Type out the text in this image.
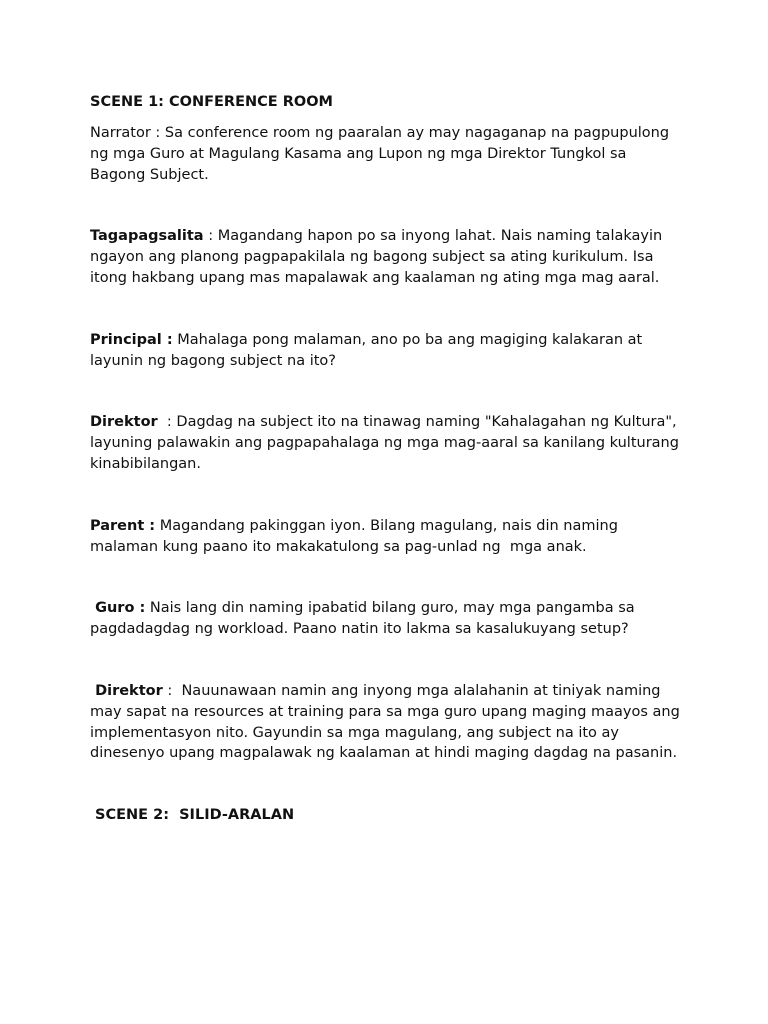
SCENE 1: CONFERENCE ROOM
Narrator : Sa conference room ng paaralan ay may nagaganap na pagpupulong ng mga Guro at Magulang Kasama ang Lupon ng mga Direktor Tungkol sa Bagong Subject.
Tagapagsalita : Magandang hapon po sa inyong lahat. Nais naming talakayin ngayon ang planong pagpapakilala ng bagong subject sa ating kurikulum. Isa itong hakbang upang mas mapalawak ang kaalaman ng ating mga mag aaral.
Principal : Mahalaga pong malaman, ano po ba ang magiging kalakaran at layunin ng bagong subject na ito?
Direktor  : Dagdag na subject ito na tinawag naming "Kahalagahan ng Kultura", layuning palawakin ang pagpapahalaga ng mga mag-aaral sa kanilang kulturang kinabibilangan.
Parent : Magandang pakinggan iyon. Bilang magulang, nais din naming malaman kung paano ito makakatulong sa pag-unlad ng  mga anak.
Guro : Nais lang din naming ipabatid bilang guro, may mga pangamba sa pagdadagdag ng workload. Paano natin ito lakma sa kasalukuyang setup?
Direktor :  Nauunawaan namin ang inyong mga alalahanin at tiniyak naming may sapat na resources at training para sa mga guro upang maging maayos ang implementasyon nito. Gayundin sa mga magulang, ang subject na ito ay dinesenyo upang magpalawak ng kaalaman at hindi maging dagdag na pasanin.
SCENE 2:  SILID-ARALAN
